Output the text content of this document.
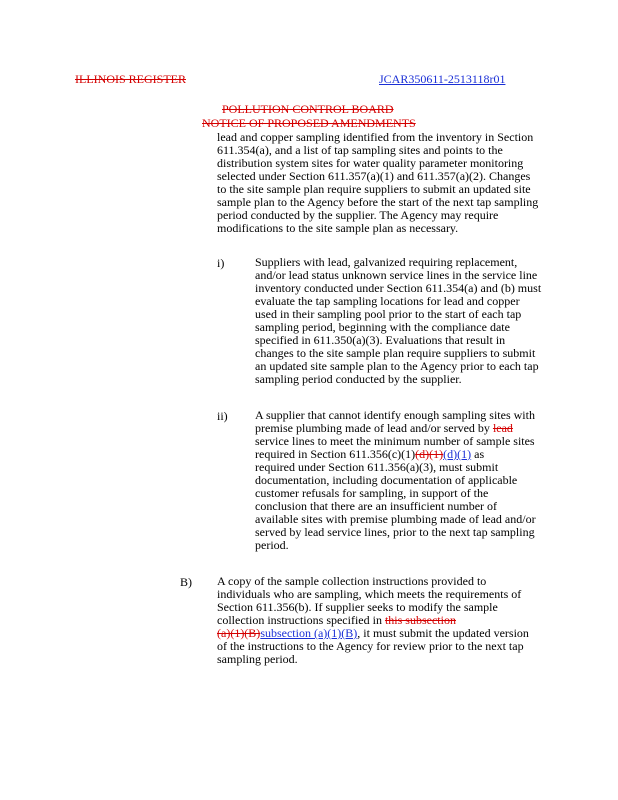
ILLINOIS REGISTER	JCAR350611-2513118r01
POLLUTION CONTROL BOARD
NOTICE OF PROPOSED AMENDMENTS
lead and copper sampling identified from the inventory in Section
611.354(a), and a list of tap sampling sites and points to the
distribution system sites for water quality parameter monitoring
selected under Section 611.357(a)(1) and 611.357(a)(2). Changes
to the site sample plan require suppliers to submit an updated site
sample plan to the Agency before the start of the next tap sampling
period conducted by the supplier. The Agency may require
modifications to the site sample plan as necessary.
i)	Suppliers with lead, galvanized requiring replacement,
and/or lead status unknown service lines in the service line
inventory conducted under Section 611.354(a) and (b) must
evaluate the tap sampling locations for lead and copper
used in their sampling pool prior to the start of each tap
sampling period, beginning with the compliance date
specified in 611.350(a)(3). Evaluations that result in
changes to the site sample plan require suppliers to submit
an updated site sample plan to the Agency prior to each tap
sampling period conducted by the supplier.
ii) A supplier that cannot identify enough sampling sites with
premise plumbing made of lead and/or served by lead
service lines to meet the minimum number of sample sites
required in Section 611.356(c)(1)(d)(1)(d)(1) as
required under Section 611.356(a)(3), must submit
documentation, including documentation of applicable
customer refusals for sampling, in support of the
conclusion that there are an insufficient number of
available sites with premise plumbing made of lead and/or
served by lead service lines, prior to the next tap sampling
period.
B) A copy of the sample collection instructions provided to
individuals who are sampling, which meets the requirements of
Section 611.356(b). If supplier seeks to modify the sample
collection instructions specified in this subsection
(a)(1)(B)subsection (a)(1)(B), it must submit the updated version
of the instructions to the Agency for review prior to the next tap
sampling period.
